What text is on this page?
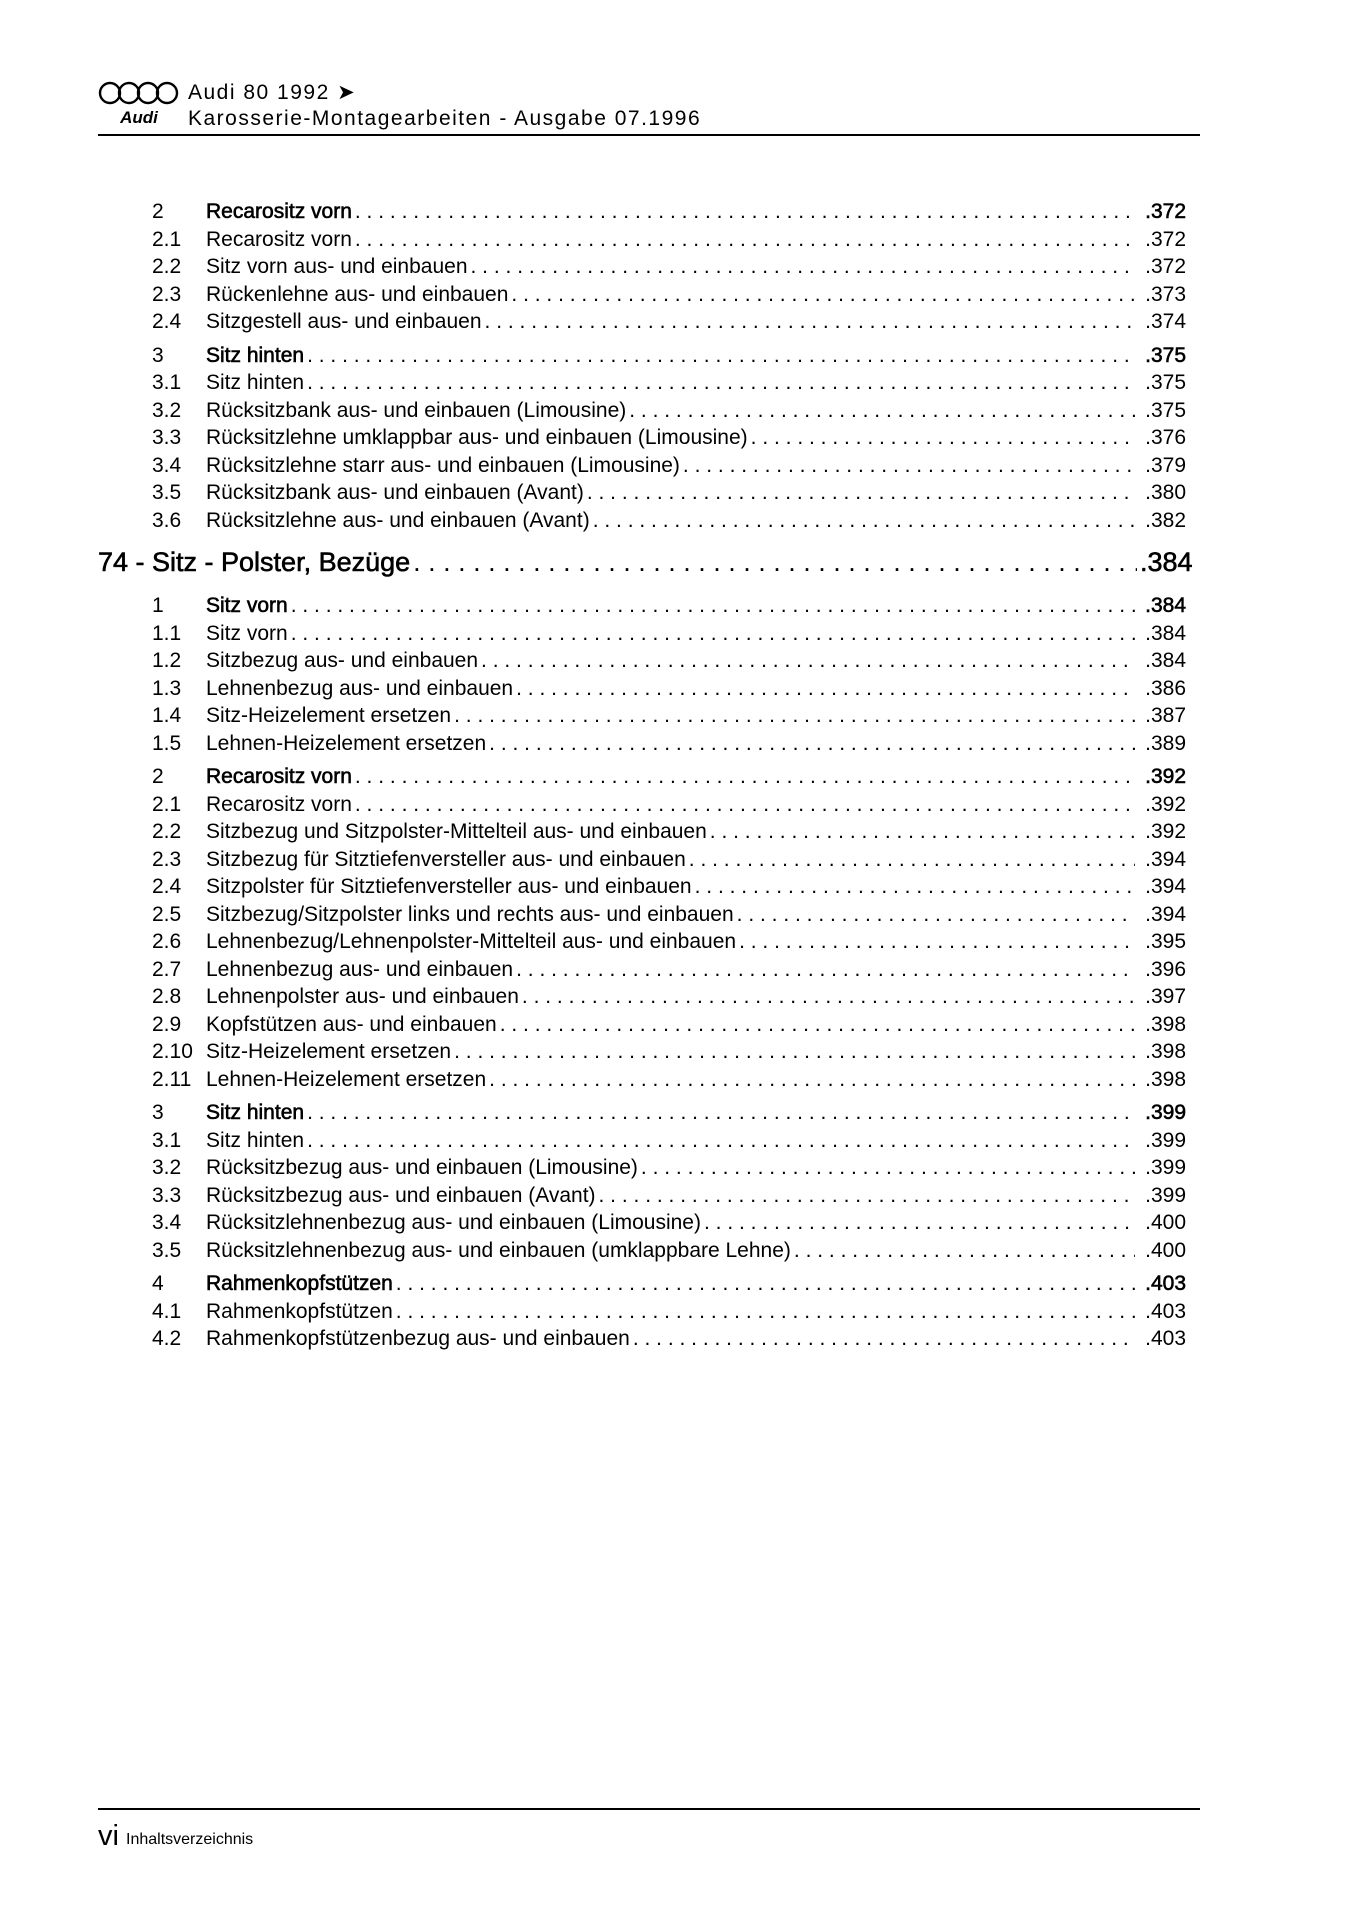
Audi
Audi 80 1992 ➤
Karosserie-Montagearbeiten - Ausgabe 07.1996
2	Recarositz vorn . . .	.372
2.1	Recarositz vorn . . .	.372
2.2	Sitz vorn aus- und einbauen . . .	.372
2.3	Rückenlehne aus- und einbauen . . .	.373
2.4	Sitzgestell aus- und einbauen . . .	.374
3	Sitz hinten . . .	.375
3.1	Sitz hinten . . .	.375
3.2	Rücksitzbank aus- und einbauen (Limousine) . . .	.375
3.3	Rücksitzlehne umklappbar aus- und einbauen (Limousine) . . .	.376
3.4	Rücksitzlehne starr aus- und einbauen (Limousine) . . .	.379
3.5	Rücksitzbank aus- und einbauen (Avant) . . .	.380
3.6	Rücksitzlehne aus- und einbauen (Avant) . . .	.382
74 - Sitz - Polster, Bezüge . . .	.384
1	Sitz vorn . . .	.384
1.1	Sitz vorn . . .	.384
1.2	Sitzbezug aus- und einbauen . . .	.384
1.3	Lehnenbezug aus- und einbauen . . .	.386
1.4	Sitz-Heizelement ersetzen . . .	.387
1.5	Lehnen-Heizelement ersetzen . . .	.389
2	Recarositz vorn . . .	.392
2.1	Recarositz vorn . . .	.392
2.2	Sitzbezug und Sitzpolster-Mittelteil aus- und einbauen . . .	.392
2.3	Sitzbezug für Sitztiefenversteller aus- und einbauen . . .	.394
2.4	Sitzpolster für Sitztiefenversteller aus- und einbauen . . .	.394
2.5	Sitzbezug/Sitzpolster links und rechts aus- und einbauen . . .	.394
2.6	Lehnenbezug/Lehnenpolster-Mittelteil aus- und einbauen . . .	.395
2.7	Lehnenbezug aus- und einbauen . . .	.396
2.8	Lehnenpolster aus- und einbauen . . .	.397
2.9	Kopfstützen aus- und einbauen . . .	.398
2.10 Sitz-Heizelement ersetzen . . .	.398
2.11 Lehnen-Heizelement ersetzen . . .	.398
3	Sitz hinten . . .	.399
3.1	Sitz hinten . . .	.399
3.2	Rücksitzbezug aus- und einbauen (Limousine) . . .	.399
3.3	Rücksitzbezug aus- und einbauen (Avant) . . .	.399
3.4	Rücksitzlehnenbezug aus- und einbauen (Limousine) . . .	.400
3.5	Rücksitzlehnenbezug aus- und einbauen (umklappbare Lehne) . . .	.400
4	Rahmenkopfstützen . . .	.403
4.1	Rahmenkopfstützen . . .	.403
4.2	Rahmenkopfstützenbezug aus- und einbauen . . .	.403
vi Inhaltsverzeichnis
